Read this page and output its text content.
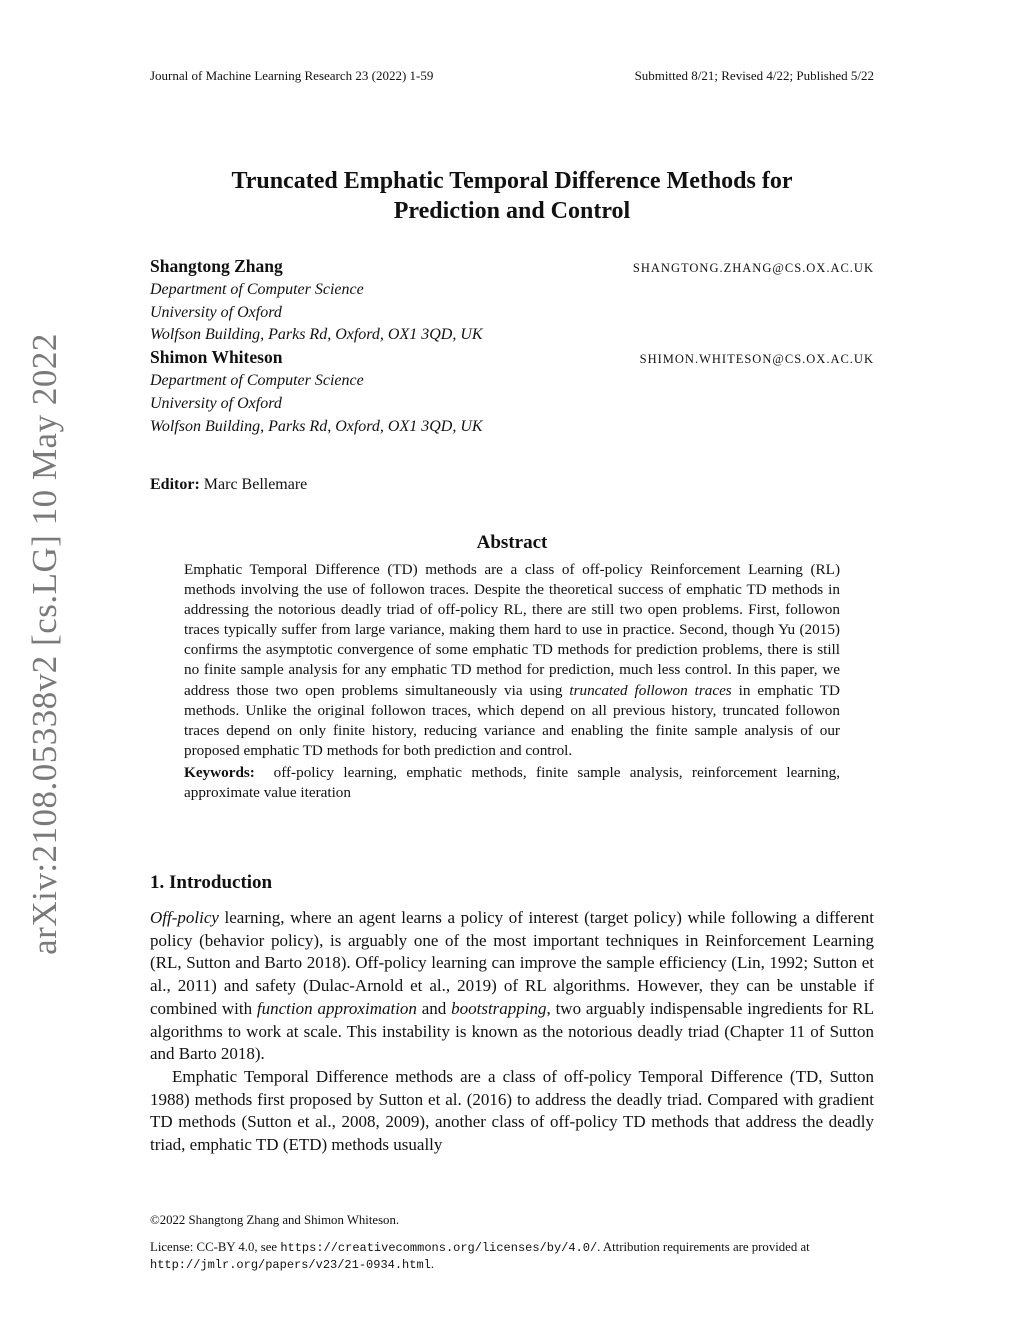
Journal of Machine Learning Research 23 (2022) 1-59	Submitted 8/21; Revised 4/22; Published 5/22
arXiv:2108.05338v2 [cs.LG] 10 May 2022
Truncated Emphatic Temporal Difference Methods for
Prediction and Control
Shangtong Zhang	SHANGTONG.ZHANG@CS.OX.AC.UK
Department of Computer Science
University of Oxford
Wolfson Building, Parks Rd, Oxford, OX1 3QD, UK
Shimon Whiteson	SHIMON.WHITESON@CS.OX.AC.UK
Department of Computer Science
University of Oxford
Wolfson Building, Parks Rd, Oxford, OX1 3QD, UK
Editor: Marc Bellemare
Abstract

Emphatic Temporal Difference (TD) methods are a class of off-policy Reinforcement Learning (RL) methods involving the use of followon traces. Despite the theoretical success of emphatic TD methods in addressing the notorious deadly triad of off-policy RL, there are still two open problems. First, followon traces typically suffer from large variance, making them hard to use in practice. Second, though Yu (2015) confirms the asymptotic convergence of some emphatic TD methods for prediction problems, there is still no finite sample analysis for any emphatic TD method for prediction, much less control. In this paper, we address those two open problems simultaneously via using truncated followon traces in emphatic TD methods. Unlike the original followon traces, which depend on all previous history, truncated followon traces depend on only finite history, reducing variance and enabling the finite sample analysis of our proposed emphatic TD methods for both prediction and control.

Keywords: off-policy learning, emphatic methods, finite sample analysis, reinforcement learning, approximate value iteration

1. Introduction

Off-policy learning, where an agent learns a policy of interest (target policy) while following a different policy (behavior policy), is arguably one of the most important techniques in Reinforcement Learning (RL, Sutton and Barto 2018). Off-policy learning can improve the sample efficiency (Lin, 1992; Sutton et al., 2011) and safety (Dulac-Arnold et al., 2019) of RL algorithms. However, they can be unstable if combined with function approximation and bootstrapping, two arguably indispensable ingredients for RL algorithms to work at scale. This instability is known as the notorious deadly triad (Chapter 11 of Sutton and Barto 2018).

Emphatic Temporal Difference methods are a class of off-policy Temporal Difference (TD, Sutton 1988) methods first proposed by Sutton et al. (2016) to address the deadly triad. Compared with gradient TD methods (Sutton et al., 2008, 2009), another class of off-policy TD methods that address the deadly triad, emphatic TD (ETD) methods usually

©2022 Shangtong Zhang and Shimon Whiteson.
License: CC-BY 4.0, see https://creativecommons.org/licenses/by/4.0/. Attribution requirements are provided at http://jmlr.org/papers/v23/21-0934.html.
